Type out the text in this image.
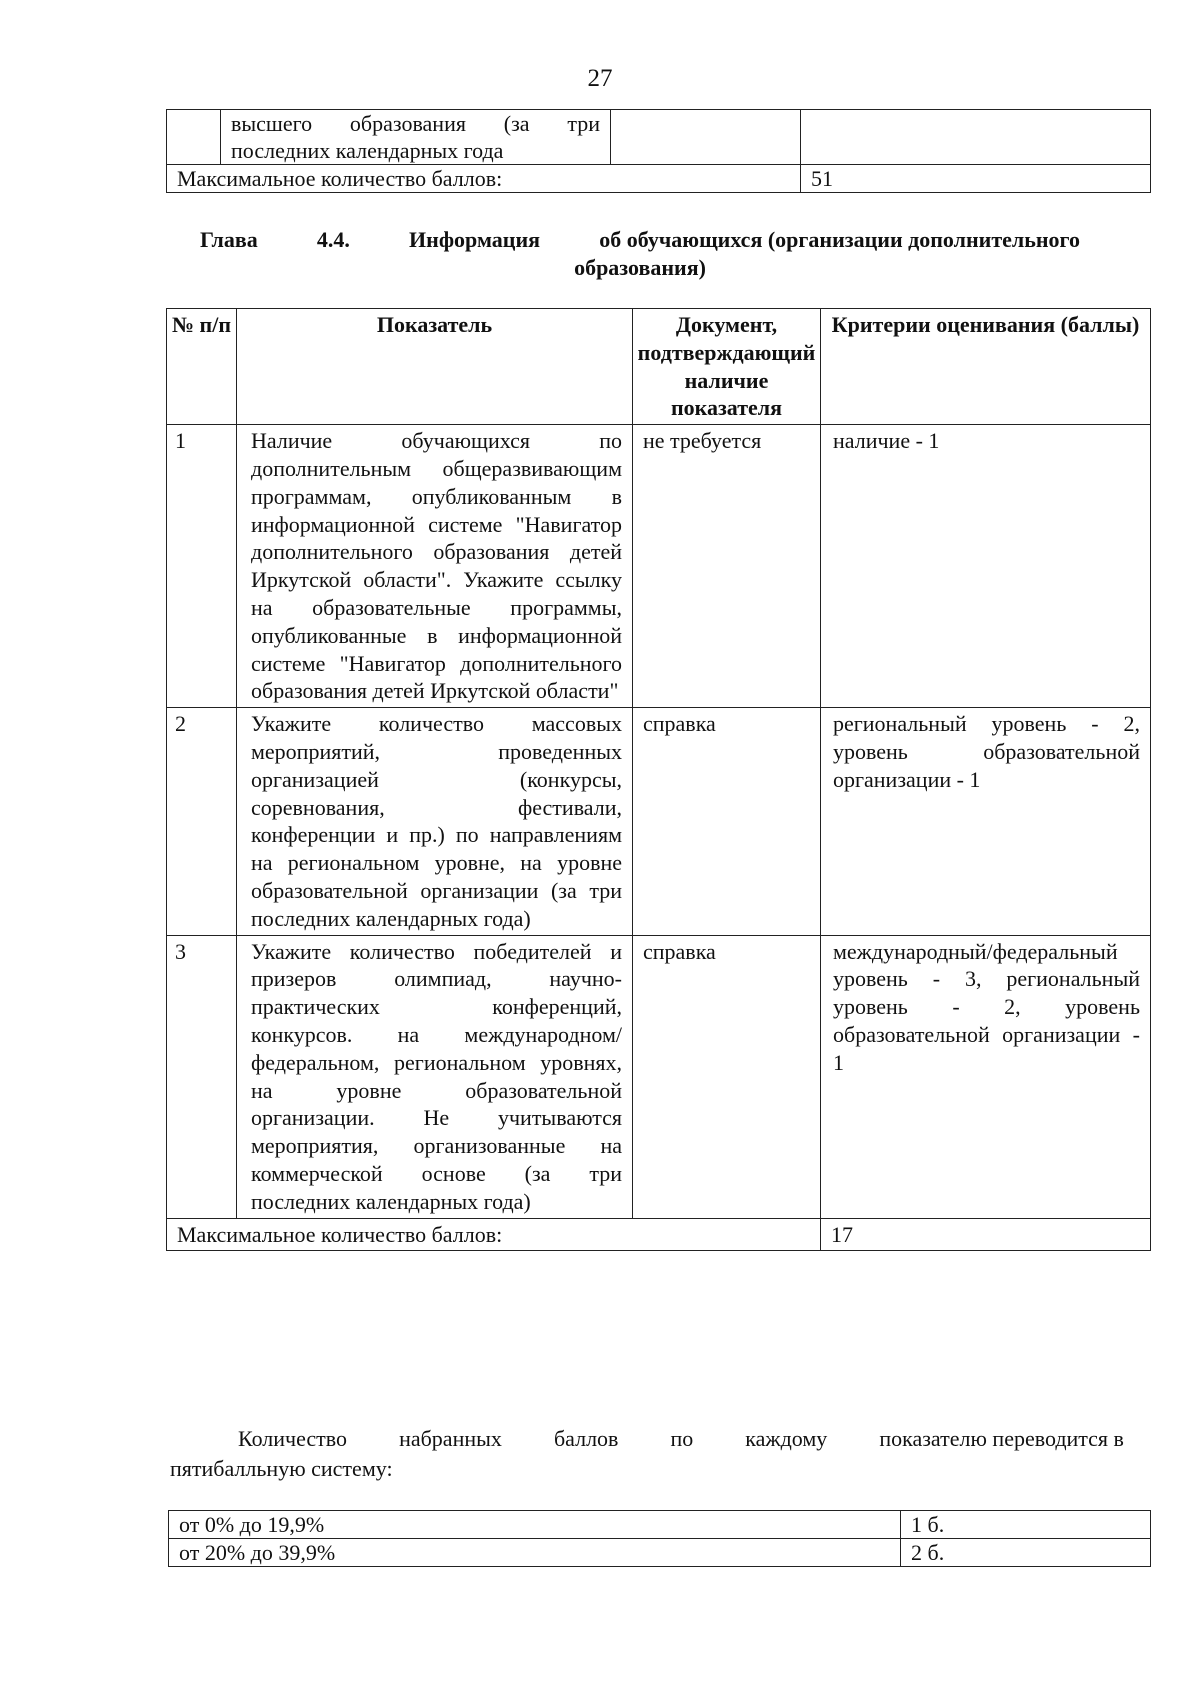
27

	высшего образования (за три
последних календарных года		

Максимальное количество баллов:			51
Глава	4.4.	Информация	об обучающихся (организации дополнительного
образования)
№ п/п	Показатель	Документ, подтверждающий наличие показателя	Критерии оценивания (баллы)
1	Наличие обучающихся по дополнительным общеразвивающим программам, опубликованным в информационной системе "Навигатор дополнительного образования детей Иркутской области". Укажите ссылку на образовательные программы, опубликованные в информационной системе "Навигатор дополнительного образования детей Иркутской области"	не требуется	наличие - 1
2	Укажите количество массовых мероприятий, проведенных организацией (конкурсы, соревнования, фестивали, конференции и пр.) по направлениям на региональном уровне, на уровне образовательной организации (за три последних календарных года)	справка	региональный уровень - 2, уровень образовательной организации - 1
3	Укажите количество победителей и призеров олимпиад, научно-практических конференций, конкурсов. на международном/федеральном, региональном уровнях, на уровне образовательной организации. Не учитываются мероприятия, организованные на коммерческой основе (за три последних календарных года)	справка	международный/федеральный уровень - 3, региональный уровень - 2, уровень образовательной организации - 1
Максимальное количество баллов:			17
Количество набранных баллов по каждому показателю переводится в
пятибалльную систему:
от 0% до 19,9%	1 б.
от 20% до 39,9%	2 б.
